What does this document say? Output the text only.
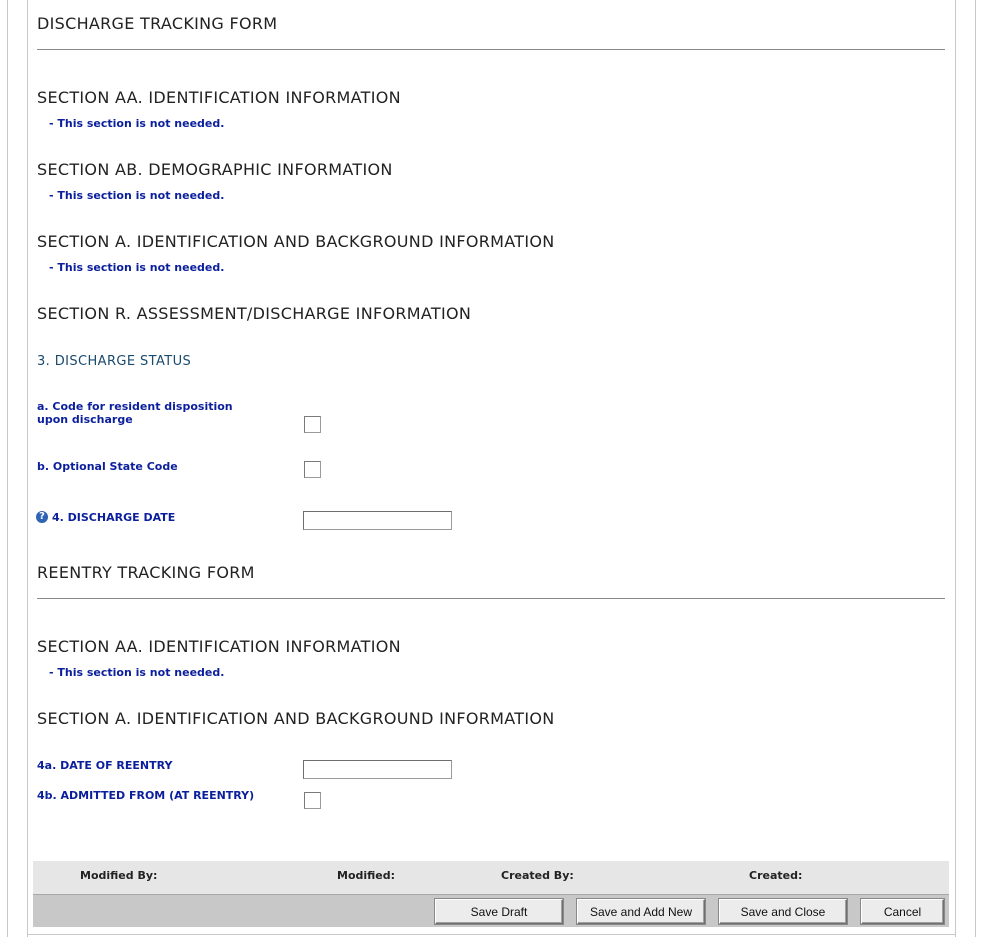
DISCHARGE TRACKING FORM
SECTION AA. IDENTIFICATION INFORMATION
- This section is not needed.
SECTION AB. DEMOGRAPHIC INFORMATION
- This section is not needed.
SECTION A. IDENTIFICATION AND BACKGROUND INFORMATION
- This section is not needed.
SECTION R. ASSESSMENT/DISCHARGE INFORMATION
3. DISCHARGE STATUS
a. Code for resident disposition upon discharge
b. Optional State Code
? 4. DISCHARGE DATE
REENTRY TRACKING FORM
SECTION AA. IDENTIFICATION INFORMATION
- This section is not needed.
SECTION A. IDENTIFICATION AND BACKGROUND INFORMATION
4a. DATE OF REENTRY
4b. ADMITTED FROM (AT REENTRY)
Modified By:	Modified:	Created By:	Created:
Save Draft	Save and Add New	Save and Close	Cancel
